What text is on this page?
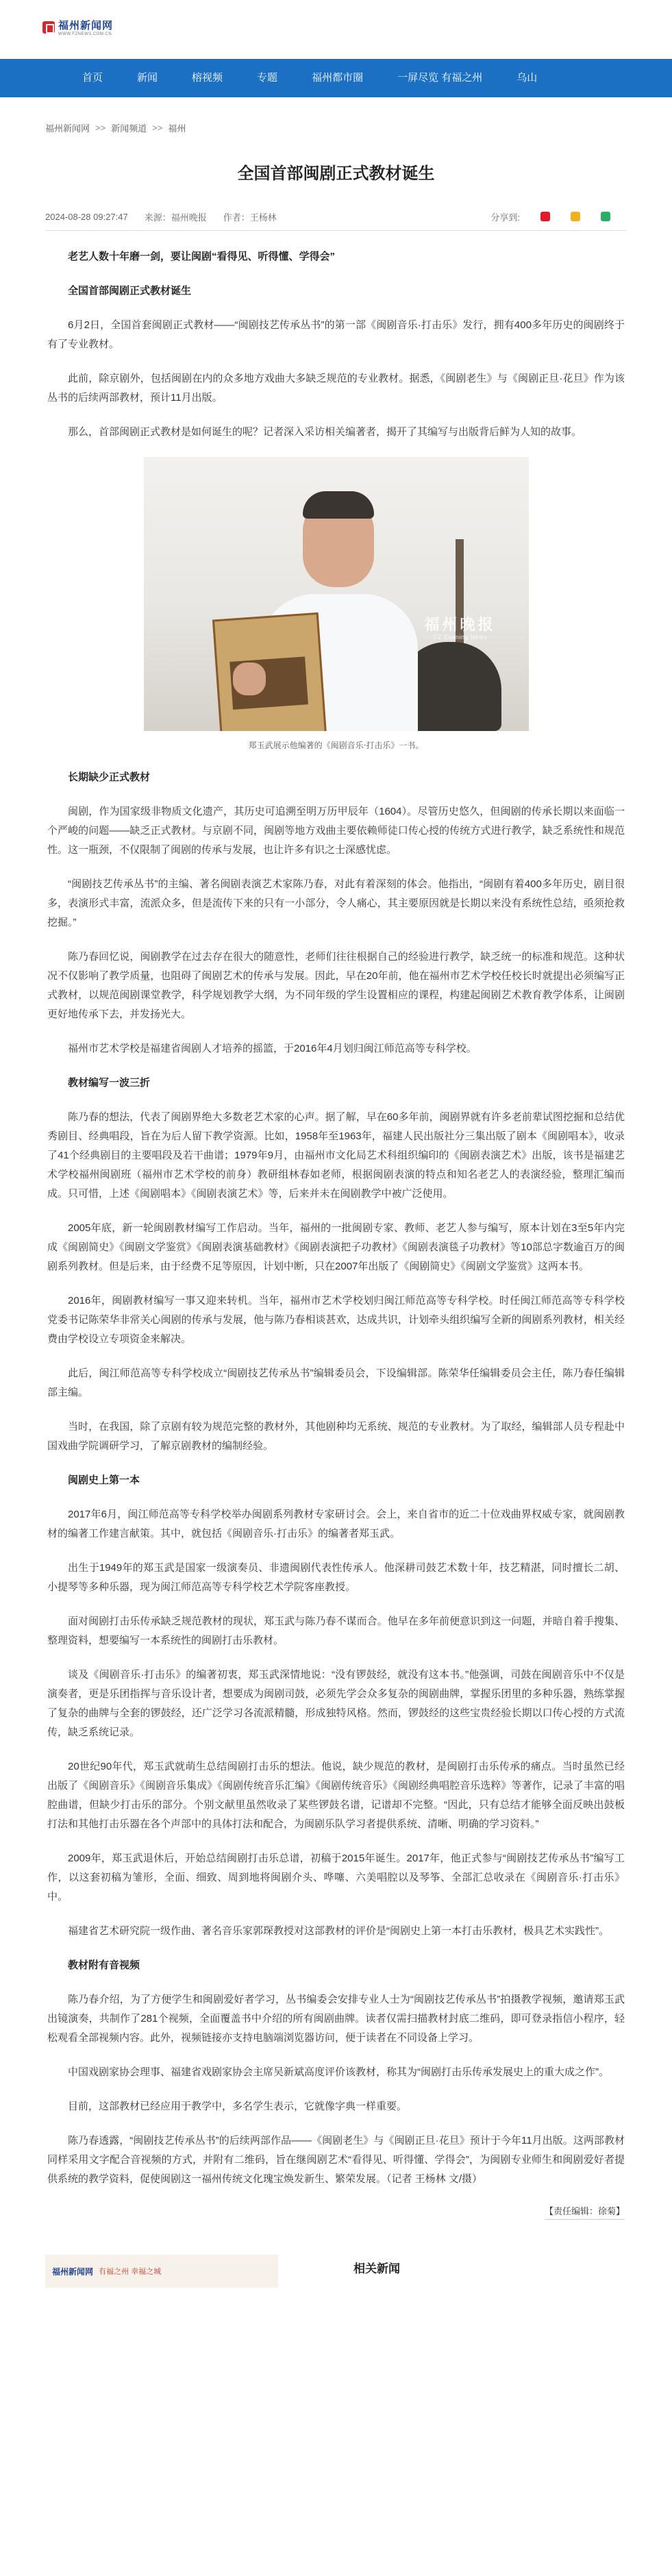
福州新闻网
WWW.FZNEWS.COM.CN
首页	新闻	榕视频	专题	福州都市圈	一屏尽览 有福之州	乌山
福州新闻网 >> 新闻频道 >> 福州
全国首部闽剧正式教材诞生
2024-08-28 09:27:47 来源：福州晚报 作者：王杨林	分享到:

老艺人数十年磨一剑，要让闽剧“看得见、听得懂、学得会”

全国首部闽剧正式教材诞生

6月2日，全国首套闽剧正式教材——“闽剧技艺传承丛书”的第一部《闽剧音乐·打击乐》发行，拥有400多年历史的闽剧终于有了专业教材。

此前，除京剧外，包括闽剧在内的众多地方戏曲大多缺乏规范的专业教材。据悉，《闽剧老生》与《闽剧正旦·花旦》作为该丛书的后续两部教材，预计11月出版。

那么，首部闽剧正式教材是如何诞生的呢？记者深入采访相关编著者，揭开了其编写与出版背后鲜为人知的故事。

福州晚报
FZ Evening News
郑玉武展示他编著的《闽剧音乐·打击乐》一书。

长期缺少正式教材

闽剧，作为国家级非物质文化遗产，其历史可追溯至明万历甲辰年（1604）。尽管历史悠久，但闽剧的传承长期以来面临一个严峻的问题——缺乏正式教材。与京剧不同，闽剧等地方戏曲主要依赖师徒口传心授的传统方式进行教学，缺乏系统性和规范性。这一瓶颈，不仅限制了闽剧的传承与发展，也让许多有识之士深感忧虑。

“闽剧技艺传承丛书”的主编、著名闽剧表演艺术家陈乃春，对此有着深刻的体会。他指出，“闽剧有着400多年历史，剧目很多，表演形式丰富，流派众多，但是流传下来的只有一小部分，令人痛心，其主要原因就是长期以来没有系统性总结，亟须抢救挖掘。”

陈乃春回忆说，闽剧教学在过去存在很大的随意性，老师们往往根据自己的经验进行教学，缺乏统一的标准和规范。这种状况不仅影响了教学质量，也阻碍了闽剧艺术的传承与发展。因此，早在20年前，他在福州市艺术学校任校长时就提出必须编写正式教材，以规范闽剧课堂教学，科学规划教学大纲，为不同年级的学生设置相应的课程，构建起闽剧艺术教育教学体系，让闽剧更好地传承下去，并发扬光大。

福州市艺术学校是福建省闽剧人才培养的摇篮，于2016年4月划归闽江师范高等专科学校。

教材编写一波三折

陈乃春的想法，代表了闽剧界绝大多数老艺术家的心声。据了解，早在60多年前，闽剧界就有许多老前辈试图挖掘和总结优秀剧目、经典唱段，旨在为后人留下教学资源。比如，1958年至1963年，福建人民出版社分三集出版了剧本《闽剧唱本》，收录了41个经典剧目的主要唱段及若干曲谱；1979年9月，由福州市文化局艺术科组织编印的《闽剧表演艺术》出版，该书是福建艺术学校福州闽剧班（福州市艺术学校的前身）教研组林春如老师，根据闽剧表演的特点和知名老艺人的表演经验，整理汇编而成。只可惜，上述《闽剧唱本》《闽剧表演艺术》等，后来并未在闽剧教学中被广泛使用。

2005年底，新一轮闽剧教材编写工作启动。当年，福州的一批闽剧专家、教师、老艺人参与编写，原本计划在3至5年内完成《闽剧简史》《闽剧文学鉴赏》《闽剧表演基础教材》《闽剧表演把子功教材》《闽剧表演毯子功教材》等10部总字数逾百万的闽剧系列教材。但是后来，由于经费不足等原因，计划中断，只在2007年出版了《闽剧简史》《闽剧文学鉴赏》这两本书。

2016年，闽剧教材编写一事又迎来转机。当年，福州市艺术学校划归闽江师范高等专科学校。时任闽江师范高等专科学校党委书记陈荣华非常关心闽剧的传承与发展，他与陈乃春相谈甚欢，达成共识，计划牵头组织编写全新的闽剧系列教材，相关经费由学校设立专项资金来解决。

此后，闽江师范高等专科学校成立“闽剧技艺传承丛书”编辑委员会，下设编辑部。陈荣华任编辑委员会主任，陈乃春任编辑部主编。

当时，在我国，除了京剧有较为规范完整的教材外，其他剧种均无系统、规范的专业教材。为了取经，编辑部人员专程赴中国戏曲学院调研学习，了解京剧教材的编制经验。

闽剧史上第一本

2017年6月，闽江师范高等专科学校举办闽剧系列教材专家研讨会。会上，来自省市的近二十位戏曲界权威专家，就闽剧教材的编著工作建言献策。其中，就包括《闽剧音乐·打击乐》的编著者郑玉武。

出生于1949年的郑玉武是国家一级演奏员、非遗闽剧代表性传承人。他深耕司鼓艺术数十年，技艺精湛，同时擅长二胡、小提琴等多种乐器，现为闽江师范高等专科学校艺术学院客座教授。

面对闽剧打击乐传承缺乏规范教材的现状，郑玉武与陈乃春不谋而合。他早在多年前便意识到这一问题，并暗自着手搜集、整理资料，想要编写一本系统性的闽剧打击乐教材。

谈及《闽剧音乐·打击乐》的编著初衷，郑玉武深情地说：“没有锣鼓经，就没有这本书。”他强调，司鼓在闽剧音乐中不仅是演奏者，更是乐团指挥与音乐设计者，想要成为闽剧司鼓，必须先学会众多复杂的闽剧曲牌，掌握乐团里的多种乐器，熟练掌握了复杂的曲牌与全套的锣鼓经，还广泛学习各流派精髓，形成独特风格。然而，锣鼓经的这些宝贵经验长期以口传心授的方式流传，缺乏系统记录。

20世纪90年代，郑玉武就萌生总结闽剧打击乐的想法。他说，缺少规范的教材，是闽剧打击乐传承的痛点。当时虽然已经出版了《闽剧音乐》《闽剧音乐集成》《闽剧传统音乐汇编》《闽剧传统音乐》《闽剧经典唱腔音乐选粹》等著作，记录了丰富的唱腔曲谱，但缺少打击乐的部分。个别文献里虽然收录了某些锣鼓名谱，记谱却不完整。“因此，只有总结才能够全面反映出鼓板打法和其他打击乐器在各个声部中的具体打法和配合，为闽剧乐队学习者提供系统、清晰、明确的学习资料。”

2009年，郑玉武退休后，开始总结闽剧打击乐总谱，初稿于2015年诞生。2017年，他正式参与“闽剧技艺传承丛书”编写工作，以这套初稿为雏形，全面、细致、周到地将闽剧介头、哗噻、六美唱腔以及琴筝、全部汇总收录在《闽剧音乐·打击乐》中。

福建省艺术研究院一级作曲、著名音乐家郭琛教授对这部教材的评价是“闽剧史上第一本打击乐教材，极具艺术实践性”。

教材附有音视频

陈乃春介绍，为了方便学生和闽剧爱好者学习，丛书编委会安排专业人士为“闽剧技艺传承丛书”拍摄教学视频，邀请郑玉武出镜演奏，共制作了281个视频，全面覆盖书中介绍的所有闽剧曲牌。读者仅需扫描教材封底二维码，即可登录指信小程序，轻松观看全部视频内容。此外，视频链接亦支持电脑端浏览器访问，便于读者在不同设备上学习。

中国戏剧家协会理事、福建省戏剧家协会主席吴新斌高度评价该教材，称其为“闽剧打击乐传承发展史上的重大成之作”。

目前，这部教材已经应用于教学中，多名学生表示，它就像字典一样重要。

陈乃春透露，“闽剧技艺传承丛书”的后续两部作品——《闽剧老生》与《闽剧正旦·花旦》预计于今年11月出版。这两部教材同样采用文字配合音视频的方式，并附有二维码，旨在继闽剧艺术“看得见、听得懂、学得会”，为闽剧专业师生和闽剧爱好者提供系统的教学资料，促使闽剧这一福州传统文化瑰宝焕发新生、繁荣发展。（记者 王杨林 文/摄）

【责任编辑：徐菊】
福州新闻网 有福之州 幸福之城	相关新闻
